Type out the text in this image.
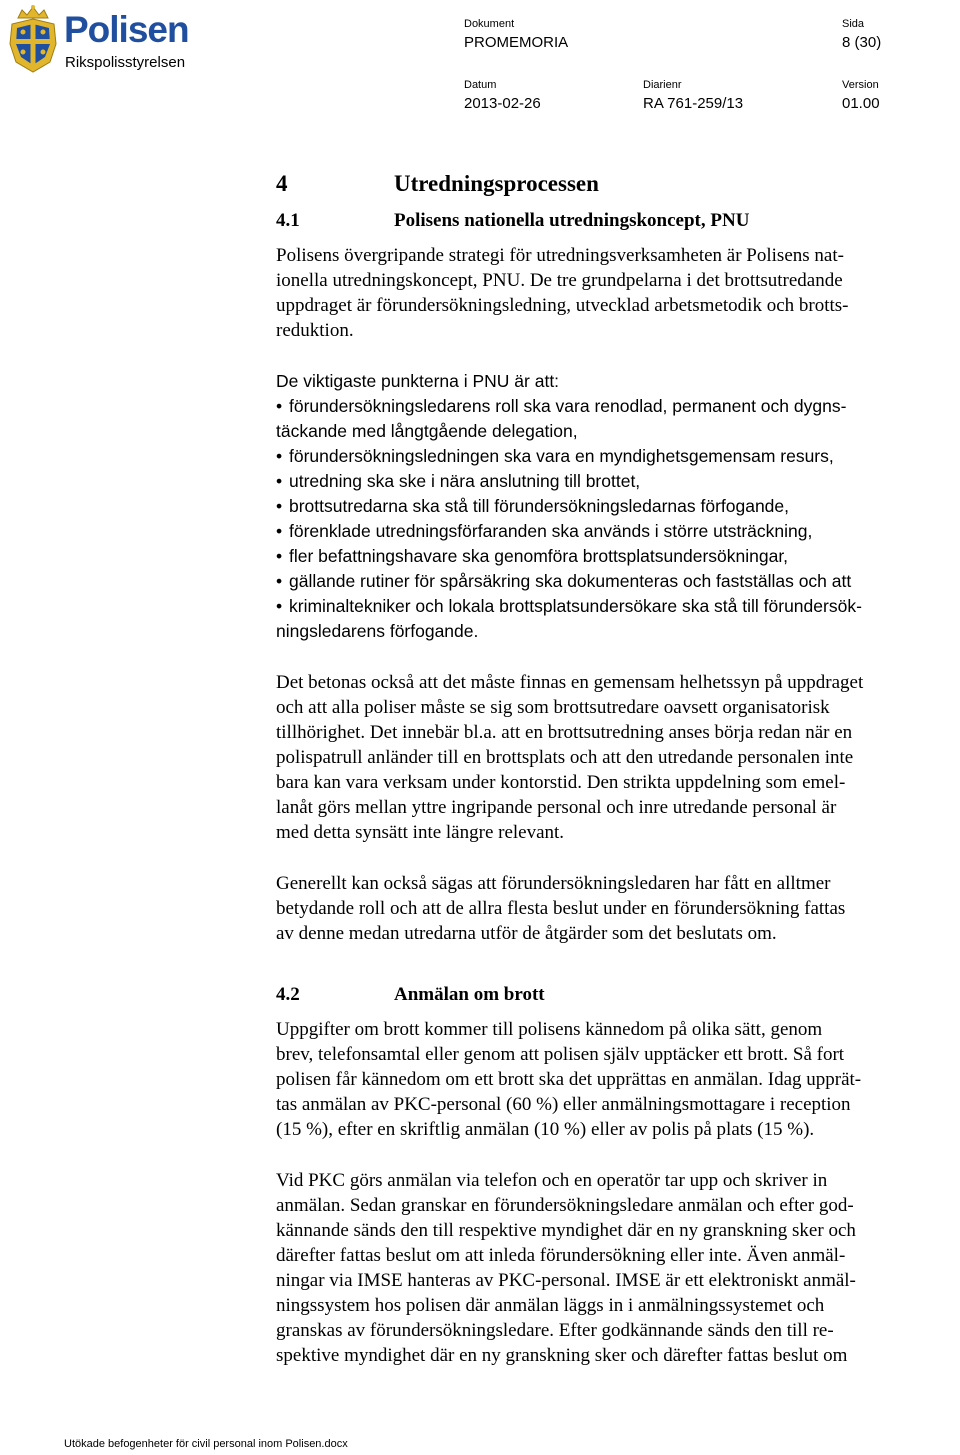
Polisen
Rikspolisstyrelsen
Dokument
PROMEMORIA
Sida
8 (30)
Datum
2013-02-26
Diarienr
RA 761-259/13
Version
01.00
4	Utredningsprocessen
4.1	Polisens nationella utredningskoncept, PNU
Polisens övergripande strategi för utredningsverksamheten är Polisens nat-
ionella utredningskoncept, PNU. De tre grundpelarna i det brottsutredande
uppdraget är förundersökningsledning, utvecklad arbetsmetodik och brotts-
reduktion.
De viktigaste punkterna i PNU är att:
• förundersökningsledarens roll ska vara renodlad, permanent och dygns-
täckande med långtgående delegation,
• förundersökningsledningen ska vara en myndighetsgemensam resurs,
• utredning ska ske i nära anslutning till brottet,
• brottsutredarna ska stå till förundersökningsledarnas förfogande,
• förenklade utredningsförfaranden ska används i större utsträckning,
• fler befattningshavare ska genomföra brottsplatsundersökningar,
• gällande rutiner för spårsäkring ska dokumenteras och fastställas och att
• kriminaltekniker och lokala brottsplatsundersökare ska stå till förundersök-
ningsledarens förfogande.
Det betonas också att det måste finnas en gemensam helhetssyn på uppdraget
och att alla poliser måste se sig som brottsutredare oavsett organisatorisk
tillhörighet. Det innebär bl.a. att en brottsutredning anses börja redan när en
polispatrull anländer till en brottsplats och att den utredande personalen inte
bara kan vara verksam under kontorstid. Den strikta uppdelning som emel-
lanåt görs mellan yttre ingripande personal och inre utredande personal är
med detta synsätt inte längre relevant.
Generellt kan också sägas att förundersökningsledaren har fått en alltmer
betydande roll och att de allra flesta beslut under en förundersökning fattas
av denne medan utredarna utför de åtgärder som det beslutats om.
4.2	Anmälan om brott
Uppgifter om brott kommer till polisens kännedom på olika sätt, genom
brev, telefonsamtal eller genom att polisen själv upptäcker ett brott. Så fort
polisen får kännedom om ett brott ska det upprättas en anmälan. Idag upprät-
tas anmälan av PKC-personal (60 %) eller anmälningsmottagare i reception
(15 %), efter en skriftlig anmälan (10 %) eller av polis på plats (15 %).
Vid PKC görs anmälan via telefon och en operatör tar upp och skriver in
anmälan. Sedan granskar en förundersökningsledare anmälan och efter god-
kännande sänds den till respektive myndighet där en ny granskning sker och
därefter fattas beslut om att inleda förundersökning eller inte. Även anmäl-
ningar via IMSE hanteras av PKC-personal. IMSE är ett elektroniskt anmäl-
ningssystem hos polisen där anmälan läggs in i anmälningssystemet och
granskas av förundersökningsledare. Efter godkännande sänds den till re-
spektive myndighet där en ny granskning sker och därefter fattas beslut om
Utökade befogenheter för civil personal inom Polisen.docx
